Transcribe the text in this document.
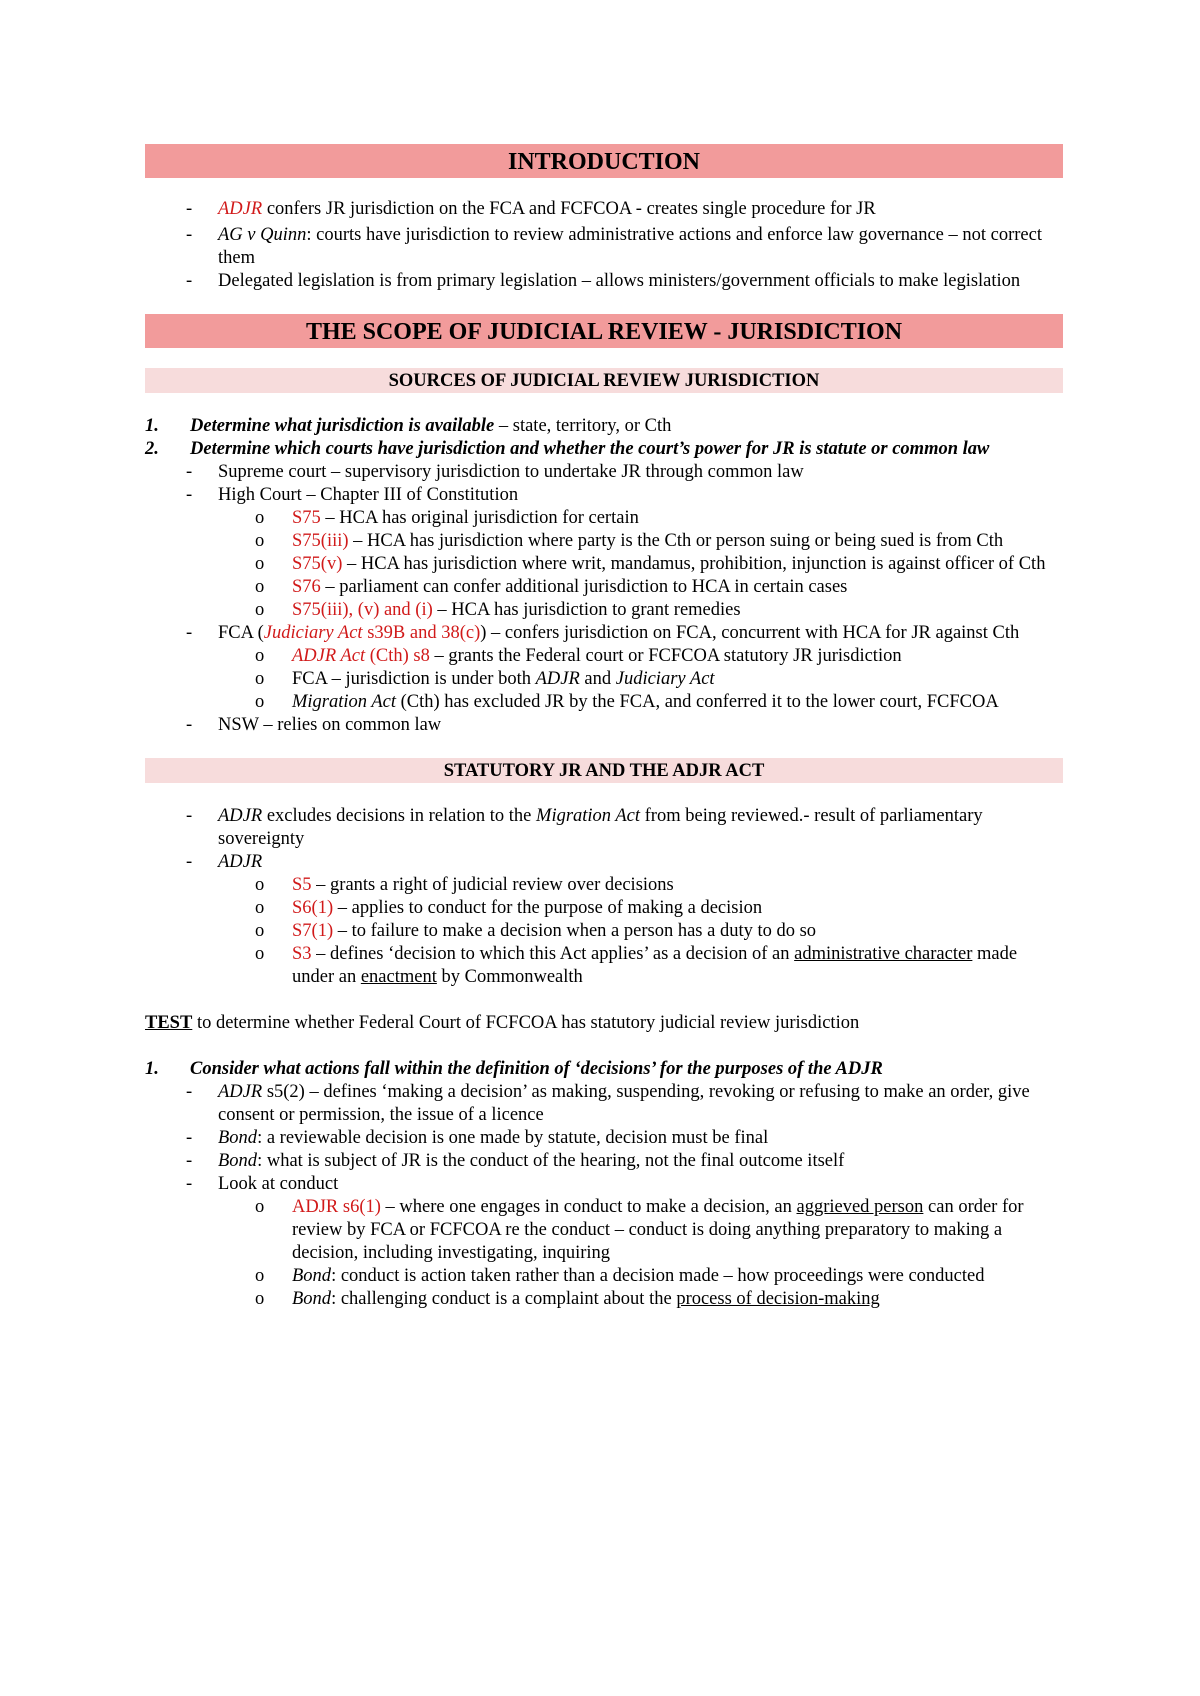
INTRODUCTION
- ADJR confers JR jurisdiction on the FCA and FCFCOA - creates single procedure for JR
- AG v Quinn: courts have jurisdiction to review administrative actions and enforce law governance – not correct them
- Delegated legislation is from primary legislation – allows ministers/government officials to make legislation
THE SCOPE OF JUDICIAL REVIEW - JURISDICTION
SOURCES OF JUDICIAL REVIEW JURISDICTION
1. Determine what jurisdiction is available – state, territory, or Cth
2. Determine which courts have jurisdiction and whether the court’s power for JR is statute or common law
- Supreme court – supervisory jurisdiction to undertake JR through common law
- High Court – Chapter III of Constitution
o S75 – HCA has original jurisdiction for certain
o S75(iii) – HCA has jurisdiction where party is the Cth or person suing or being sued is from Cth
o S75(v) – HCA has jurisdiction where writ, mandamus, prohibition, injunction is against officer of Cth
o S76 – parliament can confer additional jurisdiction to HCA in certain cases
o S75(iii), (v) and (i) – HCA has jurisdiction to grant remedies
- FCA (Judiciary Act s39B and 38(c)) – confers jurisdiction on FCA, concurrent with HCA for JR against Cth
o ADJR Act (Cth) s8 – grants the Federal court or FCFCOA statutory JR jurisdiction
o FCA – jurisdiction is under both ADJR and Judiciary Act
o Migration Act (Cth) has excluded JR by the FCA, and conferred it to the lower court, FCFCOA
- NSW – relies on common law
STATUTORY JR AND THE ADJR ACT
- ADJR excludes decisions in relation to the Migration Act from being reviewed.- result of parliamentary sovereignty
- ADJR
o S5 – grants a right of judicial review over decisions
o S6(1) – applies to conduct for the purpose of making a decision
o S7(1) – to failure to make a decision when a person has a duty to do so
o S3 – defines ‘decision to which this Act applies’ as a decision of an administrative character made under an enactment by Commonwealth

TEST to determine whether Federal Court of FCFCOA has statutory judicial review jurisdiction

1. Consider what actions fall within the definition of ‘decisions’ for the purposes of the ADJR
- ADJR s5(2) – defines ‘making a decision’ as making, suspending, revoking or refusing to make an order, give consent or permission, the issue of a licence
- Bond: a reviewable decision is one made by statute, decision must be final
- Bond: what is subject of JR is the conduct of the hearing, not the final outcome itself
- Look at conduct
o ADJR s6(1) – where one engages in conduct to make a decision, an aggrieved person can order for review by FCA or FCFCOA re the conduct – conduct is doing anything preparatory to making a decision, including investigating, inquiring
o Bond: conduct is action taken rather than a decision made – how proceedings were conducted
o Bond: challenging conduct is a complaint about the process of decision-making
